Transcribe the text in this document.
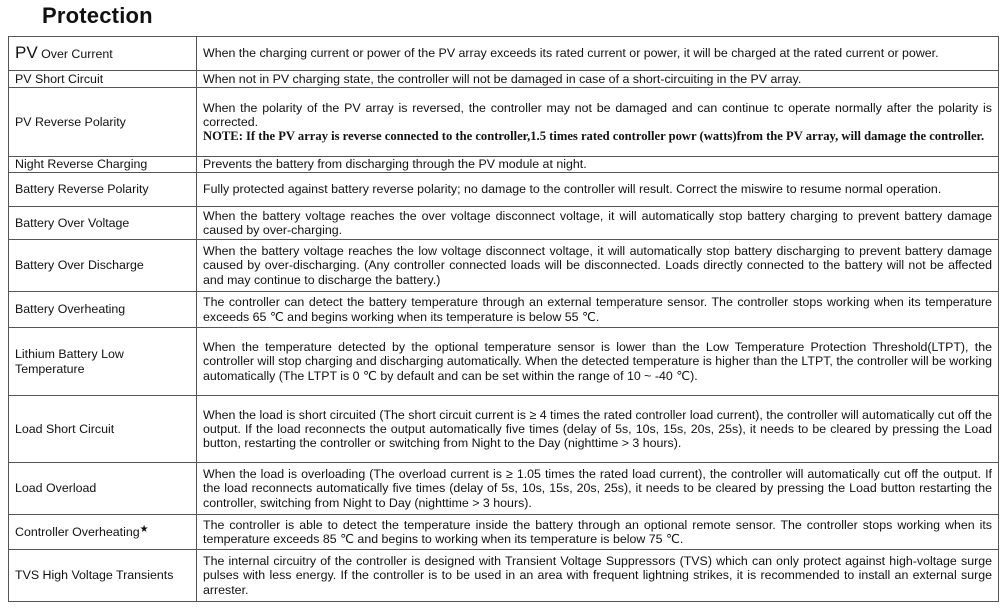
Protection
PV Over Current	When the charging current or power of the PV array exceeds its rated current or power, it will be charged at the rated current or power.
PV Short Circuit	When not in PV charging state, the controller will not be damaged in case of a short-circuiting in the PV array.
PV Reverse Polarity	When the polarity of the PV array is reversed, the controller may not be damaged and can continue tc operate normally after the polarity is corrected.
NOTE: If the PV array is reverse connected to the controller,1.5 times rated controller powr (watts)from the PV array, will damage the controller.

Night Reverse Charging	Prevents the battery from discharging through the PV module at night.
Battery Reverse Polarity	Fully protected against battery reverse polarity; no damage to the controller will result. Correct the miswire to resume normal operation.
Battery Over Voltage	When the battery voltage reaches the over voltage disconnect voltage, it will automatically stop battery charging to prevent battery damage caused by over-charging.
Battery Over Discharge	When the battery voltage reaches the low voltage disconnect voltage, it will automatically stop battery discharging to prevent battery damage caused by over-discharging. (Any controller connected loads will be disconnected. Loads directly connected to the battery will not be affected and may continue to discharge the battery.)
Battery Overheating	The controller can detect the battery temperature through an external temperature sensor. The controller stops working when its temperature exceeds 65 ℃ and begins working when its temperature is below 55 ℃.
Lithium Battery Low Temperature	When the temperature detected by the optional temperature sensor is lower than the Low Temperature Protection Threshold(LTPT), the controller will stop charging and discharging automatically. When the detected temperature is higher than the LTPT, the controller will be working automatically (The LTPT is 0 ℃ by default and can be set within the range of 10 ~ -40 ℃).
Load Short Circuit	When the load is short circuited (The short circuit current is ≥ 4 times the rated controller load current), the controller will automatically cut off the output. If the load reconnects the output automatically five times (delay of 5s, 10s, 15s, 20s, 25s), it needs to be cleared by pressing the Load button, restarting the controller or switching from Night to the Day (nighttime > 3 hours).
Load Overload	When the load is overloading (The overload current is ≥ 1.05 times the rated load current), the controller will automatically cut off the output. If the load reconnects automatically five times (delay of 5s, 10s, 15s, 20s, 25s), it needs to be cleared by pressing the Load button restarting the controller, switching from Night to Day (nighttime > 3 hours).
Controller Overheating★	The controller is able to detect the temperature inside the battery through an optional remote sensor. The controller stops working when its temperature exceeds 85 ℃ and begins to working when its temperature is below 75 ℃.
TVS High Voltage Transients	The internal circuitry of the controller is designed with Transient Voltage Suppressors (TVS) which can only protect against high-voltage surge pulses with less energy. If the controller is to be used in an area with frequent lightning strikes, it is recommended to install an external surge arrester.
